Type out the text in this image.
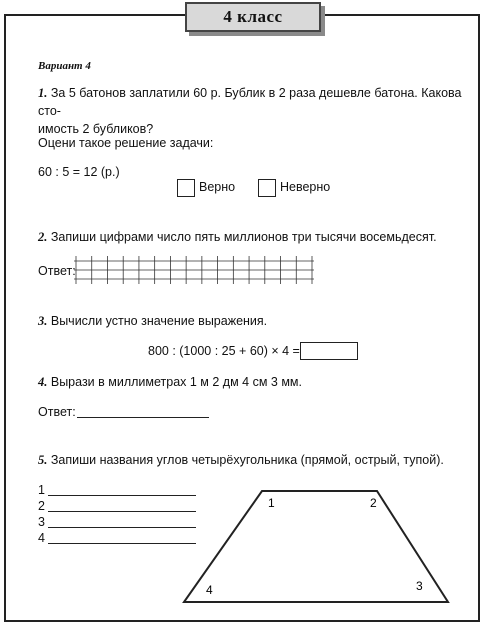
4 класс
Вариант 4
1. За 5 батонов заплатили 60 р. Бублик в 2 раза дешевле батона. Какова сто-
имость 2 бубликов?
Оцени такое решение задачи:
60 : 5 = 12 (р.)
Верно	Неверно
2. Запиши цифрами число пять миллионов три тысячи восемьдесят.
Ответ:
3. Вычисли устно значение выражения.
800 : (1000 : 25 + 60) × 4 =
4. Вырази в миллиметрах 1 м 2 дм 4 см 3 мм.
Ответ:
5. Запиши названия углов четырёхугольника (прямой, острый, тупой).
1
2
3
4
1	2
3
4
